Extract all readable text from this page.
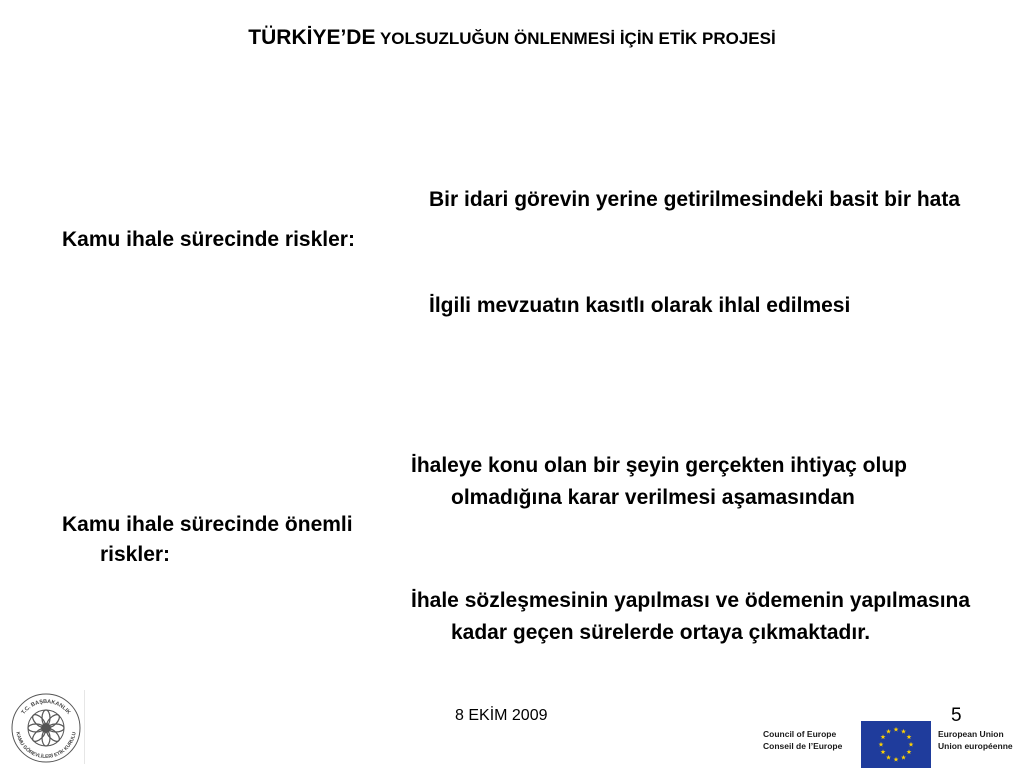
TÜRKİYE’DE YOLSUZLUĞUN ÖNLENMESİ İÇİN ETİK PROJESİ
Kamu ihale sürecinde riskler:
Bir idari görevin yerine getirilmesindeki basit bir hata
İlgili mevzuatın kasıtlı olarak ihlal edilmesi
Kamu ihale sürecinde önemli riskler:
İhaleye konu olan bir şeyin gerçekten ihtiyaç olup olmadığına karar verilmesi aşamasından
İhale sözleşmesinin yapılması ve ödemenin yapılmasına kadar geçen sürelerde ortaya çıkmaktadır.
8 EKİM 2009	5
T.C. BAŞBAKANLIK
KAMU GÖREVLİLERİ ETİK KURULU	Council of Europe
Conseil de l’Europe
European Union
Union européenne
